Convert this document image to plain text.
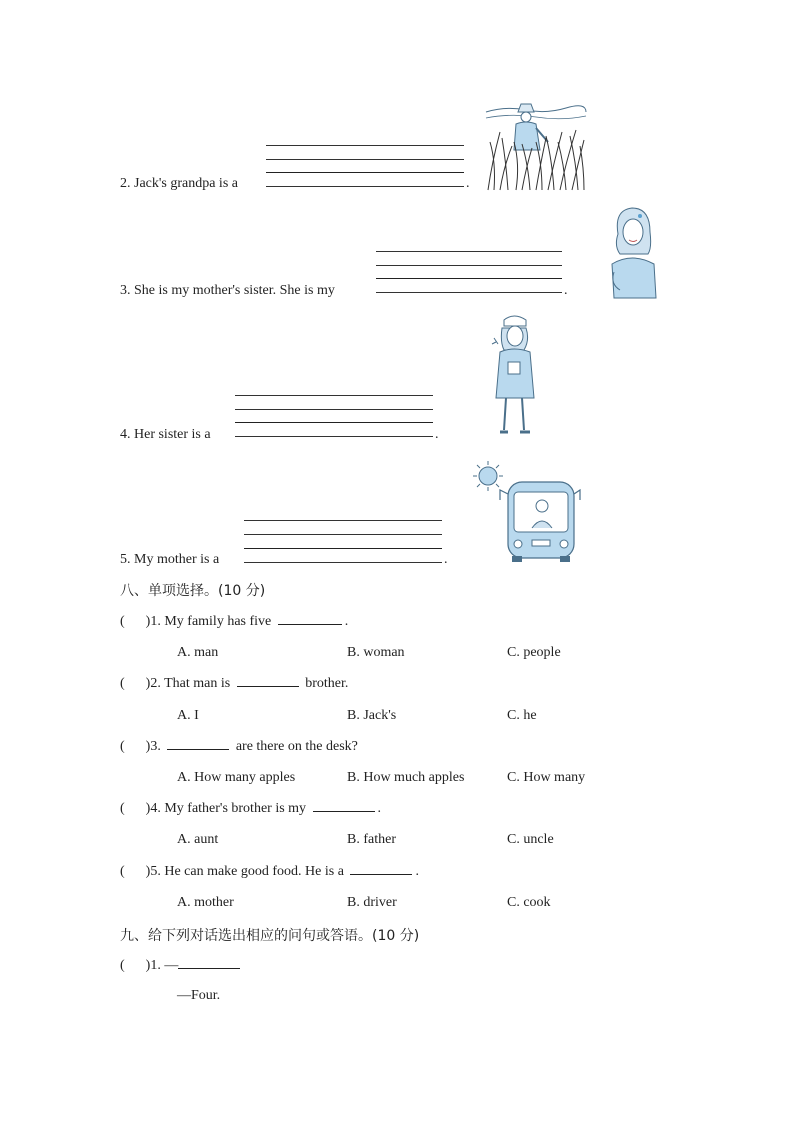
2. Jack's grandpa is a	.
3. She is my mother's sister. She is my	.
4. Her sister is a	.
5. My mother is a	.
八、单项选择。(10 分)
(      )1. My family has five	.
A. man	B. woman	C. people
(      )2. That man is	brother.
A. I	B. Jack's	C. he
(      )3.	are there on the desk?
A. How many apples	B. How much apples	C. How many
(      )4. My father's brother is my	.
A. aunt	B. father	C. uncle
(      )5. He can make good food. He is a	.
A. mother	B. driver	C. cook
九、给下列对话选出相应的问句或答语。(10 分)
(      )1. —
—Four.
